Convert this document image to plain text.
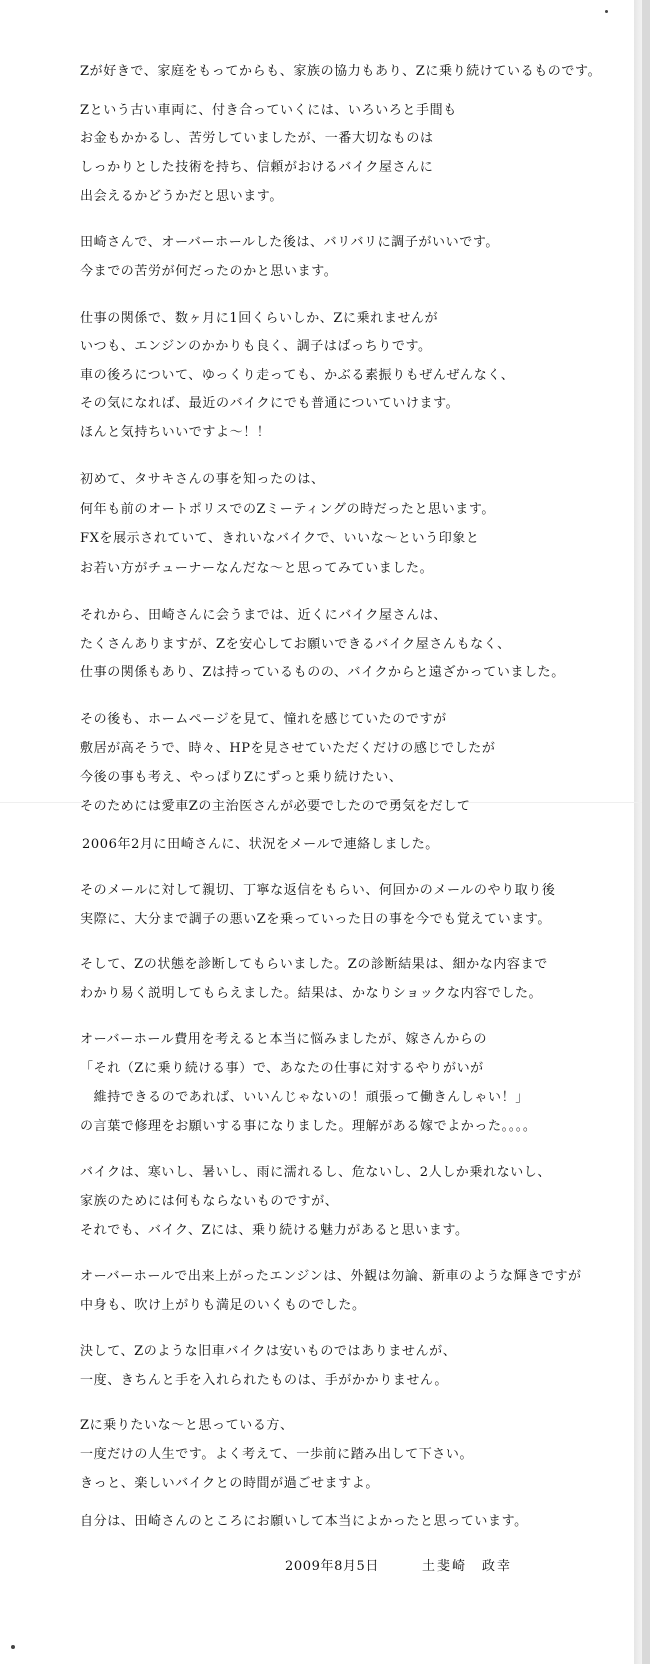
Zが好きで、家庭をもってからも、家族の協力もあり、Zに乗り続けているものです。
Zという古い車両に、付き合っていくには、いろいろと手間も
お金もかかるし、苦労していましたが、一番大切なものは
しっかりとした技術を持ち、信頼がおけるバイク屋さんに
出会えるかどうかだと思います。
田崎さんで、オーバーホールした後は、バリバリに調子がいいです。
今までの苦労が何だったのかと思います。
仕事の関係で、数ヶ月に1回くらいしか、Zに乗れませんが
いつも、エンジンのかかりも良く、調子はばっちりです。
車の後ろについて、ゆっくり走っても、かぶる素振りもぜんぜんなく、
その気になれば、最近のバイクにでも普通についていけます。
ほんと気持ちいいですよ～！！
初めて、タサキさんの事を知ったのは、
何年も前のオートポリスでのZミーティングの時だったと思います。
FXを展示されていて、きれいなバイクで、いいな～という印象と
お若い方がチューナーなんだな～と思ってみていました。
それから、田崎さんに会うまでは、近くにバイク屋さんは、
たくさんありますが、Zを安心してお願いできるバイク屋さんもなく、
仕事の関係もあり、Zは持っているものの、バイクからと遠ざかっていました。
その後も、ホームページを見て、憧れを感じていたのですが
敷居が高そうで、時々、HPを見させていただくだけの感じでしたが
今後の事も考え、やっぱりZにずっと乗り続けたい、
そのためには愛車Zの主治医さんが必要でしたので勇気をだして
2006年2月に田崎さんに、状況をメールで連絡しました。
そのメールに対して親切、丁寧な返信をもらい、何回かのメールのやり取り後
実際に、大分まで調子の悪いZを乗っていった日の事を今でも覚えています。
そして、Zの状態を診断してもらいました。Zの診断結果は、細かな内容まで
わかり易く説明してもらえました。結果は、かなりショックな内容でした。
オーバーホール費用を考えると本当に悩みましたが、嫁さんからの
「それ（Zに乗り続ける事）で、あなたの仕事に対するやりがいが
　維持できるのであれば、いいんじゃないの！頑張って働きんしゃい！」
の言葉で修理をお願いする事になりました。理解がある嫁でよかった。。。。
バイクは、寒いし、暑いし、雨に濡れるし、危ないし、2人しか乗れないし、
家族のためには何もならないものですが、
それでも、バイク、Zには、乗り続ける魅力があると思います。
オーバーホールで出来上がったエンジンは、外観は勿論、新車のような輝きですが
中身も、吹け上がりも満足のいくものでした。
決して、Zのような旧車バイクは安いものではありませんが、
一度、きちんと手を入れられたものは、手がかかりません。
Zに乗りたいな～と思っている方、
一度だけの人生です。よく考えて、一歩前に踏み出して下さい。
きっと、楽しいバイクとの時間が過ごせますよ。
自分は、田崎さんのところにお願いして本当によかったと思っています。
2009年8月5日	土斐崎　政幸
